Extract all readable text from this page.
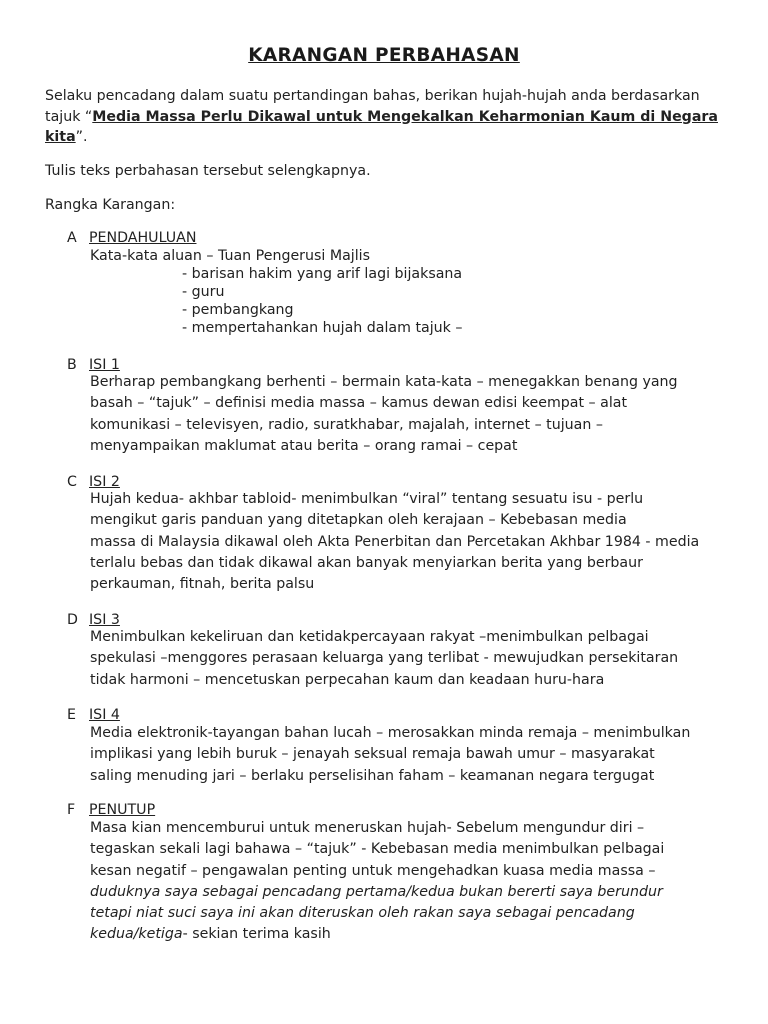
KARANGAN PERBAHASAN
Selaku pencadang dalam suatu pertandingan bahas, berikan hujah-hujah anda berdasarkan tajuk “Media Massa Perlu Dikawal untuk Mengekalkan Keharmonian Kaum di Negara kita”.
Tulis teks perbahasan tersebut selengkapnya.
Rangka Karangan:
A PENDAHULUAN
Kata-kata aluan – Tuan Pengerusi Majlis
- barisan hakim yang arif lagi bijaksana
- guru
- pembangkang
- mempertahankan hujah dalam tajuk –
B ISI 1
Berharap pembangkang berhenti – bermain kata-kata – menegakkan benang yang
basah – “tajuk” – definisi media massa – kamus dewan edisi keempat – alat
komunikasi – televisyen, radio, suratkhabar, majalah, internet – tujuan –
menyampaikan maklumat atau berita – orang ramai – cepat
C ISI 2
Hujah kedua- akhbar tabloid- menimbulkan “viral” tentang sesuatu isu - perlu
mengikut garis panduan yang ditetapkan oleh kerajaan – Kebebasan media
massa di Malaysia dikawal oleh Akta Penerbitan dan Percetakan Akhbar 1984 - media
terlalu bebas dan tidak dikawal akan banyak menyiarkan berita yang berbaur
perkauman, fitnah, berita palsu
D ISI 3
Menimbulkan kekeliruan dan ketidakpercayaan rakyat –menimbulkan pelbagai
spekulasi –menggores perasaan keluarga yang terlibat - mewujudkan persekitaran
tidak harmoni – mencetuskan perpecahan kaum dan keadaan huru-hara
E ISI 4
Media elektronik-tayangan bahan lucah – merosakkan minda remaja – menimbulkan
implikasi yang lebih buruk – jenayah seksual remaja bawah umur – masyarakat
saling menuding jari – berlaku perselisihan faham – keamanan negara tergugat
F PENUTUP
Masa kian mencemburui untuk meneruskan hujah- Sebelum mengundur diri –
tegaskan sekali lagi bahawa – “tajuk” - Kebebasan media menimbulkan pelbagai
kesan negatif – pengawalan penting untuk mengehadkan kuasa media massa –
duduknya saya sebagai pencadang pertama/kedua bukan bererti saya berundur
tetapi niat suci saya ini akan diteruskan oleh rakan saya sebagai pencadang
kedua/ketiga- sekian terima kasih
